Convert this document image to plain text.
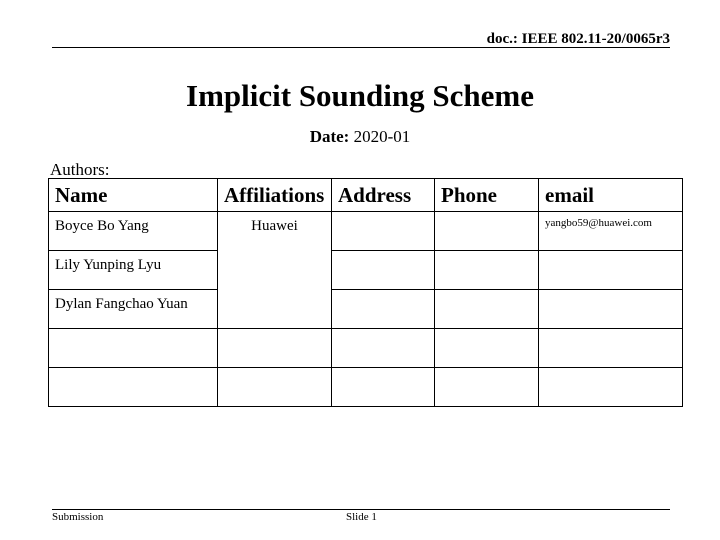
doc.: IEEE 802.11-20/0065r3
Implicit Sounding Scheme
Date: 2020-01
Authors:
Name	Affiliations	Address	Phone	email
Boyce Bo Yang	Huawei			yangbo59@huawei.com
Lily Yunping Lyu				
Dylan Fangchao Yuan				

Submission	Slide 1
